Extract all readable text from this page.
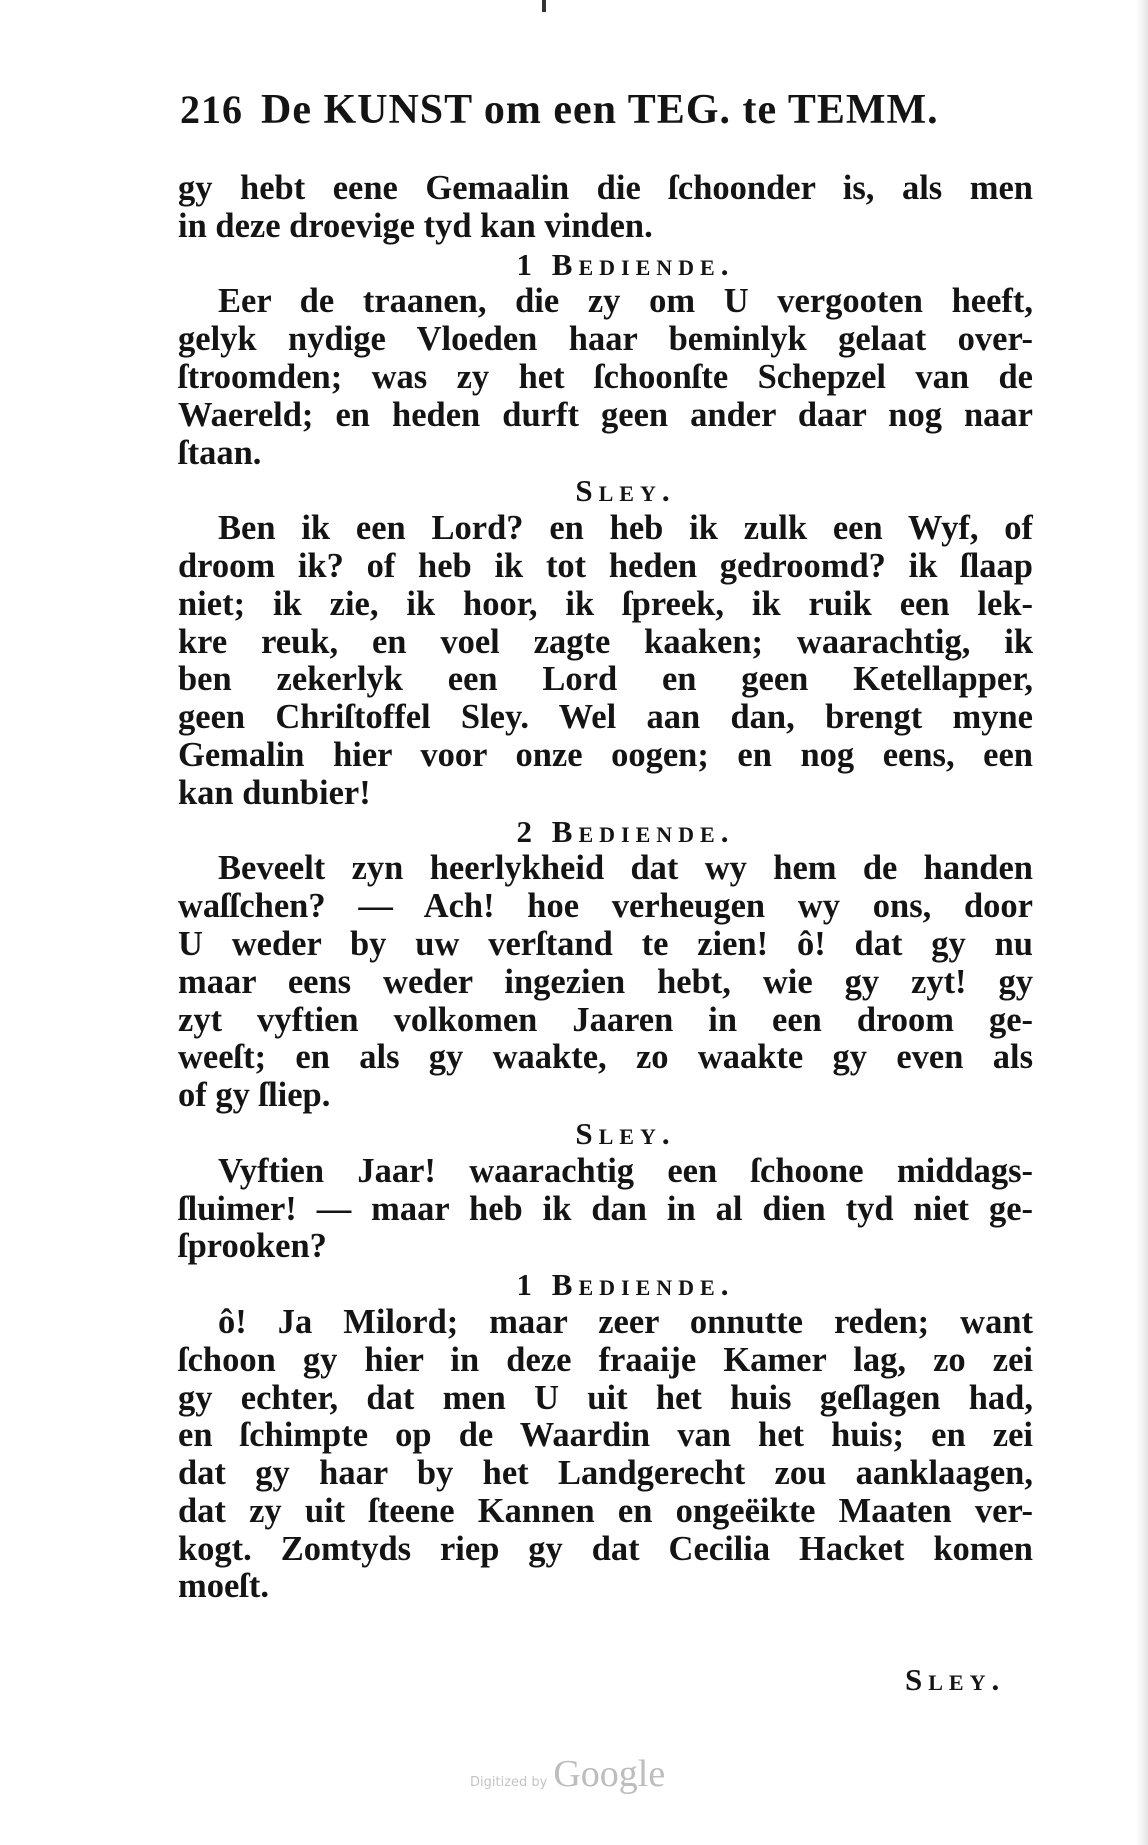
216 De KUNST om een TEG. te TEMM.
gy hebt eene Gemaalin die ſchoonder is, als men
in deze droevige tyd kan vinden.
1 Bediende.
Eer de traanen, die zy om U vergooten heeft,
gelyk nydige Vloeden haar beminlyk gelaat over-
ſtroomden; was zy het ſchoonſte Schepzel van de
Waereld; en heden durft geen ander daar nog naar
ſtaan.
Sley.
Ben ik een Lord? en heb ik zulk een Wyf, of
droom ik? of heb ik tot heden gedroomd? ik ſlaap
niet; ik zie, ik hoor, ik ſpreek, ik ruik een lek-
kre reuk, en voel zagte kaaken; waarachtig, ik
ben zekerlyk een Lord en geen Ketellapper,
geen Chriſtoffel Sley. Wel aan dan, brengt myne
Gemalin hier voor onze oogen; en nog eens, een
kan dunbier!
2 Bediende.
Beveelt zyn heerlykheid dat wy hem de handen
waſſchen? — Ach! hoe verheugen wy ons, door
U weder by uw verſtand te zien! ô! dat gy nu
maar eens weder ingezien hebt, wie gy zyt! gy
zyt vyftien volkomen Jaaren in een droom ge-
weeſt; en als gy waakte, zo waakte gy even als
of gy ſliep.
Sley.
Vyftien Jaar! waarachtig een ſchoone middags-
ſluimer! — maar heb ik dan in al dien tyd niet ge-
ſprooken?
1 Bediende.
ô! Ja Milord; maar zeer onnutte reden; want
ſchoon gy hier in deze fraaije Kamer lag, zo zei
gy echter, dat men U uit het huis geſlagen had,
en ſchimpte op de Waardin van het huis; en zei
dat gy haar by het Landgerecht zou aanklaagen,
dat zy uit ſteene Kannen en ongeëikte Maaten ver-
kogt. Zomtyds riep gy dat Cecilia Hacket komen
moeſt.
Sley.
Digitized by Google
